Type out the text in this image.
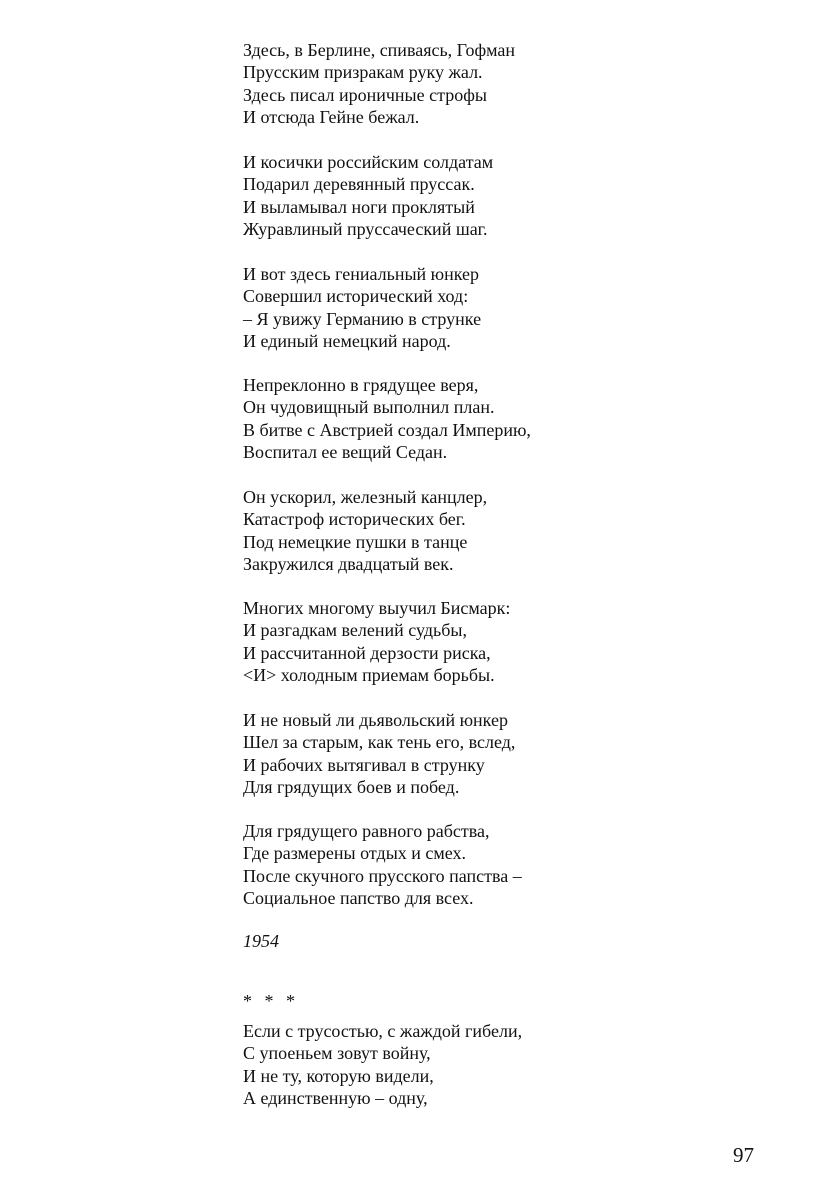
Здесь, в Берлине, спиваясь, Гофман
Прусским призракам руку жал.
Здесь писал ироничные строфы
И отсюда Гейне бежал.
И косички российским солдатам
Подарил деревянный пруссак.
И выламывал ноги проклятый
Журавлиный пруссаческий шаг.
И вот здесь гениальный юнкер
Совершил исторический ход:
– Я увижу Германию в струнке
И единый немецкий народ.
Непреклонно в грядущее веря,
Он чудовищный выполнил план.
В битве с Австрией создал Империю,
Воспитал ее вещий Седан.
Он ускорил, железный канцлер,
Катастроф исторических бег.
Под немецкие пушки в танце
Закружился двадцатый век.
Многих многому выучил Бисмарк:
И разгадкам велений судьбы,
И рассчитанной дерзости риска,
<И> холодным приемам борьбы.
И не новый ли дьявольский юнкер
Шел за старым, как тень его, вслед,
И рабочих вытягивал в струнку
Для грядущих боев и побед.
Для грядущего равного рабства,
Где размерены отдых и смех.
После скучного прусского папства –
Социальное папство для всех.
1954
* * *
Если с трусостью, с жаждой гибели,
С упоеньем зовут войну,
И не ту, которую видели,
А единственную – одну,
97
